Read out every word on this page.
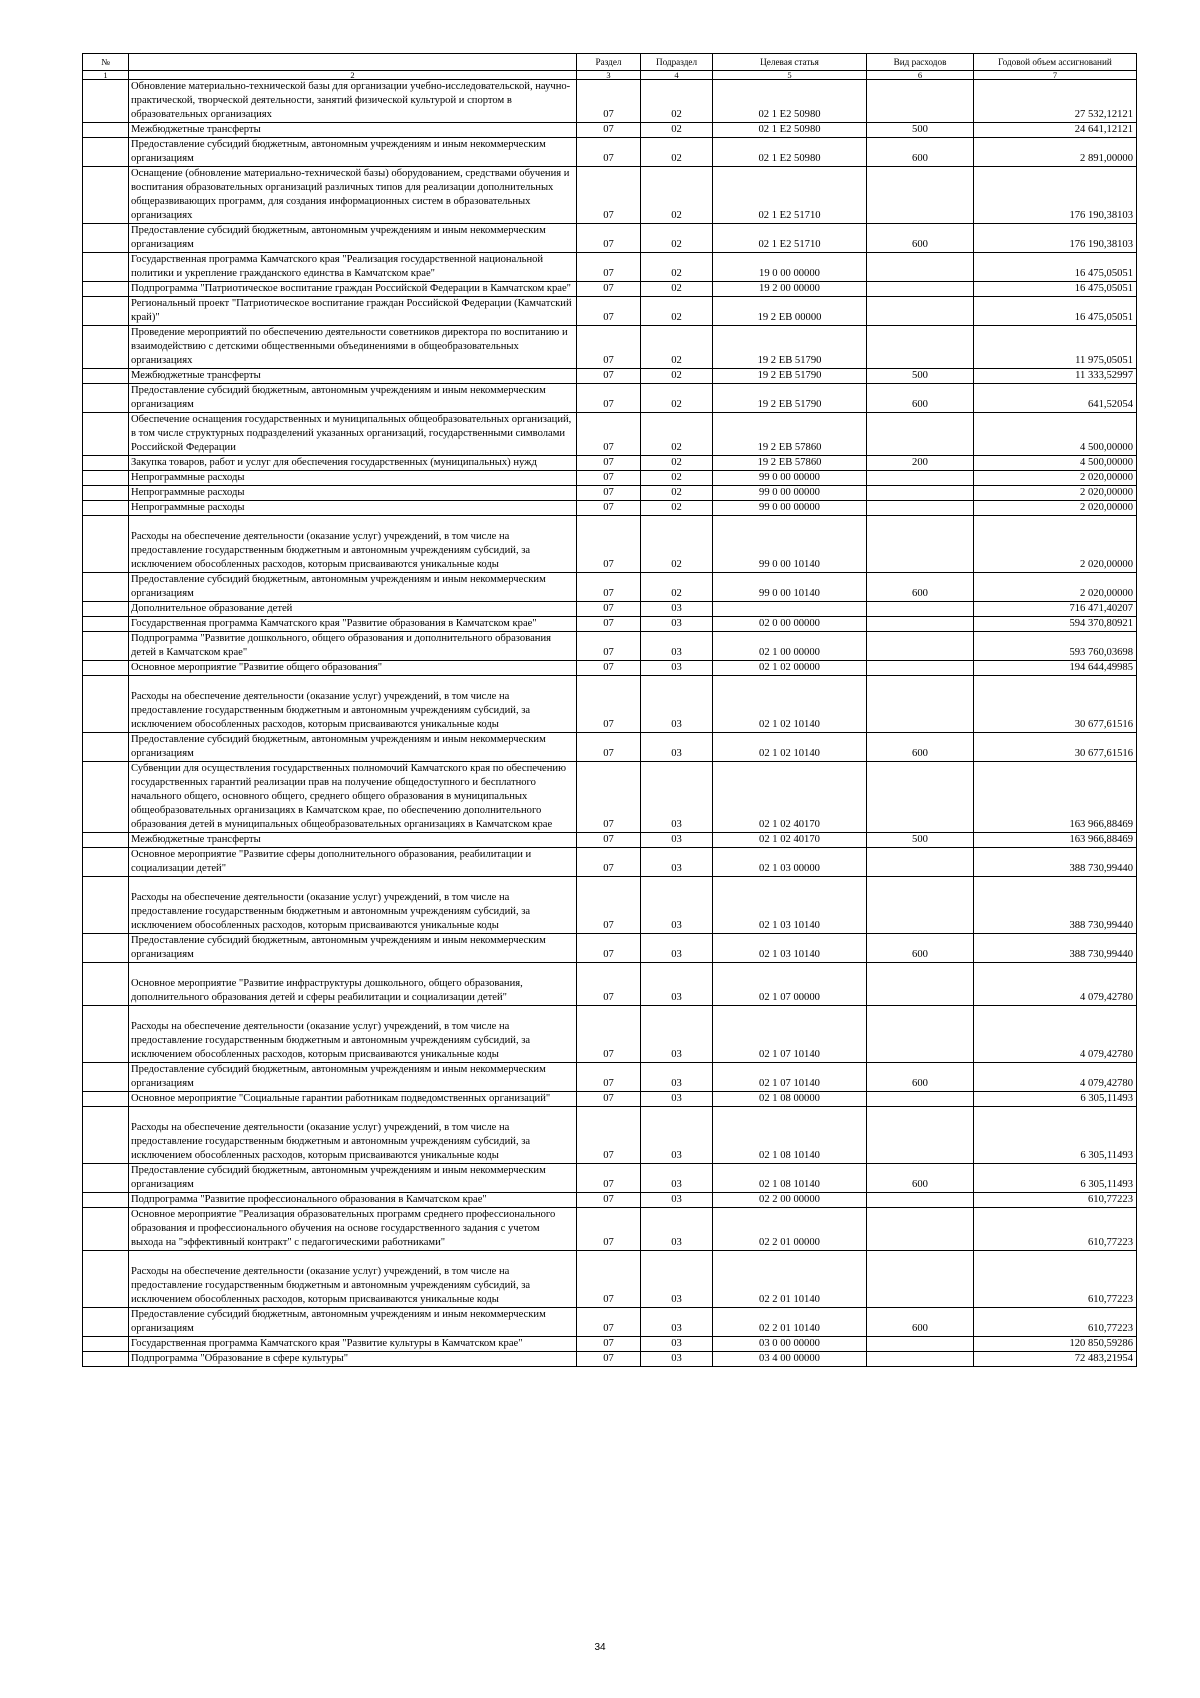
№		Раздел	Подраздел	Целевая статья	Вид расходов	Годовой объем ассигнований
1	2	3	4	5	6	7
	Обновление материально-технической базы для организации учебно-исследовательской, научно-практической, творческой деятельности, занятий физической культурой и спортом в образовательных организациях	07	02	02 1 E2 50980		27 532,12121
	Межбюджетные трансферты	07	02	02 1 E2 50980	500	24 641,12121
	Предоставление субсидий бюджетным, автономным учреждениям и иным некоммерческим организациям	07	02	02 1 E2 50980	600	2 891,00000
	Оснащение (обновление материально-технической базы) оборудованием, средствами обучения и воспитания образовательных организаций различных типов для реализации дополнительных общеразвивающих программ, для создания информационных систем в образовательных организациях	07	02	02 1 E2 51710		176 190,38103
	Предоставление субсидий бюджетным, автономным учреждениям и иным некоммерческим организациям	07	02	02 1 E2 51710	600	176 190,38103
	Государственная программа Камчатского края "Реализация государственной национальной политики и укрепление гражданского единства в Камчатском крае"	07	02	19 0 00 00000		16 475,05051
	Подпрограмма "Патриотическое воспитание граждан Российской Федерации в Камчатском крае"	07	02	19 2 00 00000		16 475,05051
	Региональный проект "Патриотическое воспитание граждан Российской Федерации (Камчатский край)"	07	02	19 2 EB 00000		16 475,05051
	Проведение мероприятий по обеспечению деятельности советников директора по воспитанию и взаимодействию с детскими общественными объединениями в общеобразовательных организациях	07	02	19 2 EB 51790		11 975,05051
	Межбюджетные трансферты	07	02	19 2 EB 51790	500	11 333,52997
	Предоставление субсидий бюджетным, автономным учреждениям и иным некоммерческим организациям	07	02	19 2 EB 51790	600	641,52054
	Обеспечение оснащения государственных и муниципальных общеобразовательных организаций, в том числе структурных подразделений указанных организаций, государственными символами Российской Федерации	07	02	19 2 EB 57860		4 500,00000
	Закупка товаров, работ и услуг для обеспечения государственных (муниципальных) нужд	07	02	19 2 EB 57860	200	4 500,00000
	Непрограммные расходы	07	02	99 0 00 00000		2 020,00000
	Непрограммные расходы	07	02	99 0 00 00000		2 020,00000
	Непрограммные расходы	07	02	99 0 00 00000		2 020,00000
	Расходы на обеспечение деятельности (оказание услуг) учреждений, в том числе на предоставление государственным бюджетным и автономным учреждениям субсидий, за исключением обособленных расходов, которым присваиваются уникальные коды	07	02	99 0 00 10140		2 020,00000
	Предоставление субсидий бюджетным, автономным учреждениям и иным некоммерческим организациям	07	02	99 0 00 10140	600	2 020,00000
	Дополнительное образование детей	07	03			716 471,40207
	Государственная программа Камчатского края "Развитие образования в Камчатском крае"	07	03	02 0 00 00000		594 370,80921
	Подпрограмма "Развитие дошкольного, общего образования и дополнительного образования детей в Камчатском крае"	07	03	02 1 00 00000		593 760,03698
	Основное мероприятие "Развитие общего образования"	07	03	02 1 02 00000		194 644,49985
	Расходы на обеспечение деятельности (оказание услуг) учреждений, в том числе на предоставление государственным бюджетным и автономным учреждениям субсидий, за исключением обособленных расходов, которым присваиваются уникальные коды	07	03	02 1 02 10140		30 677,61516
	Предоставление субсидий бюджетным, автономным учреждениям и иным некоммерческим организациям	07	03	02 1 02 10140	600	30 677,61516
	Субвенции для осуществления государственных полномочий Камчатского края по обеспечению государственных гарантий реализации прав на получение общедоступного и бесплатного начального общего, основного общего, среднего общего образования в муниципальных общеобразовательных организациях в Камчатском крае, по обеспечению дополнительного образования детей в муниципальных общеобразовательных организациях в Камчатском крае	07	03	02 1 02 40170		163 966,88469
	Межбюджетные трансферты	07	03	02 1 02 40170	500	163 966,88469
	Основное мероприятие "Развитие сферы дополнительного образования, реабилитации и социализации детей"	07	03	02 1 03 00000		388 730,99440
	Расходы на обеспечение деятельности (оказание услуг) учреждений, в том числе на предоставление государственным бюджетным и автономным учреждениям субсидий, за исключением обособленных расходов, которым присваиваются уникальные коды	07	03	02 1 03 10140		388 730,99440
	Предоставление субсидий бюджетным, автономным учреждениям и иным некоммерческим организациям	07	03	02 1 03 10140	600	388 730,99440
	Основное мероприятие "Развитие инфраструктуры дошкольного, общего образования, дополнительного образования детей и сферы реабилитации и социализации детей"	07	03	02 1 07 00000		4 079,42780
	Расходы на обеспечение деятельности (оказание услуг) учреждений, в том числе на предоставление государственным бюджетным и автономным учреждениям субсидий, за исключением обособленных расходов, которым присваиваются уникальные коды	07	03	02 1 07 10140		4 079,42780
	Предоставление субсидий бюджетным, автономным учреждениям и иным некоммерческим организациям	07	03	02 1 07 10140	600	4 079,42780
	Основное мероприятие "Социальные гарантии работникам подведомственных организаций"	07	03	02 1 08 00000		6 305,11493
	Расходы на обеспечение деятельности (оказание услуг) учреждений, в том числе на предоставление государственным бюджетным и автономным учреждениям субсидий, за исключением обособленных расходов, которым присваиваются уникальные коды	07	03	02 1 08 10140		6 305,11493
	Предоставление субсидий бюджетным, автономным учреждениям и иным некоммерческим организациям	07	03	02 1 08 10140	600	6 305,11493
	Подпрограмма "Развитие профессионального образования в Камчатском крае"	07	03	02 2 00 00000		610,77223
	Основное мероприятие "Реализация образовательных программ среднего профессионального образования и профессионального обучения на основе государственного задания с учетом выхода на "эффективный контракт" с педагогическими работниками"	07	03	02 2 01 00000		610,77223
	Расходы на обеспечение деятельности (оказание услуг) учреждений, в том числе на предоставление государственным бюджетным и автономным учреждениям субсидий, за исключением обособленных расходов, которым присваиваются уникальные коды	07	03	02 2 01 10140		610,77223
	Предоставление субсидий бюджетным, автономным учреждениям и иным некоммерческим организациям	07	03	02 2 01 10140	600	610,77223
	Государственная программа Камчатского края "Развитие культуры в Камчатском крае"	07	03	03 0 00 00000		120 850,59286
	Подпрограмма "Образование в сфере культуры"	07	03	03 4 00 00000		72 483,21954
34
